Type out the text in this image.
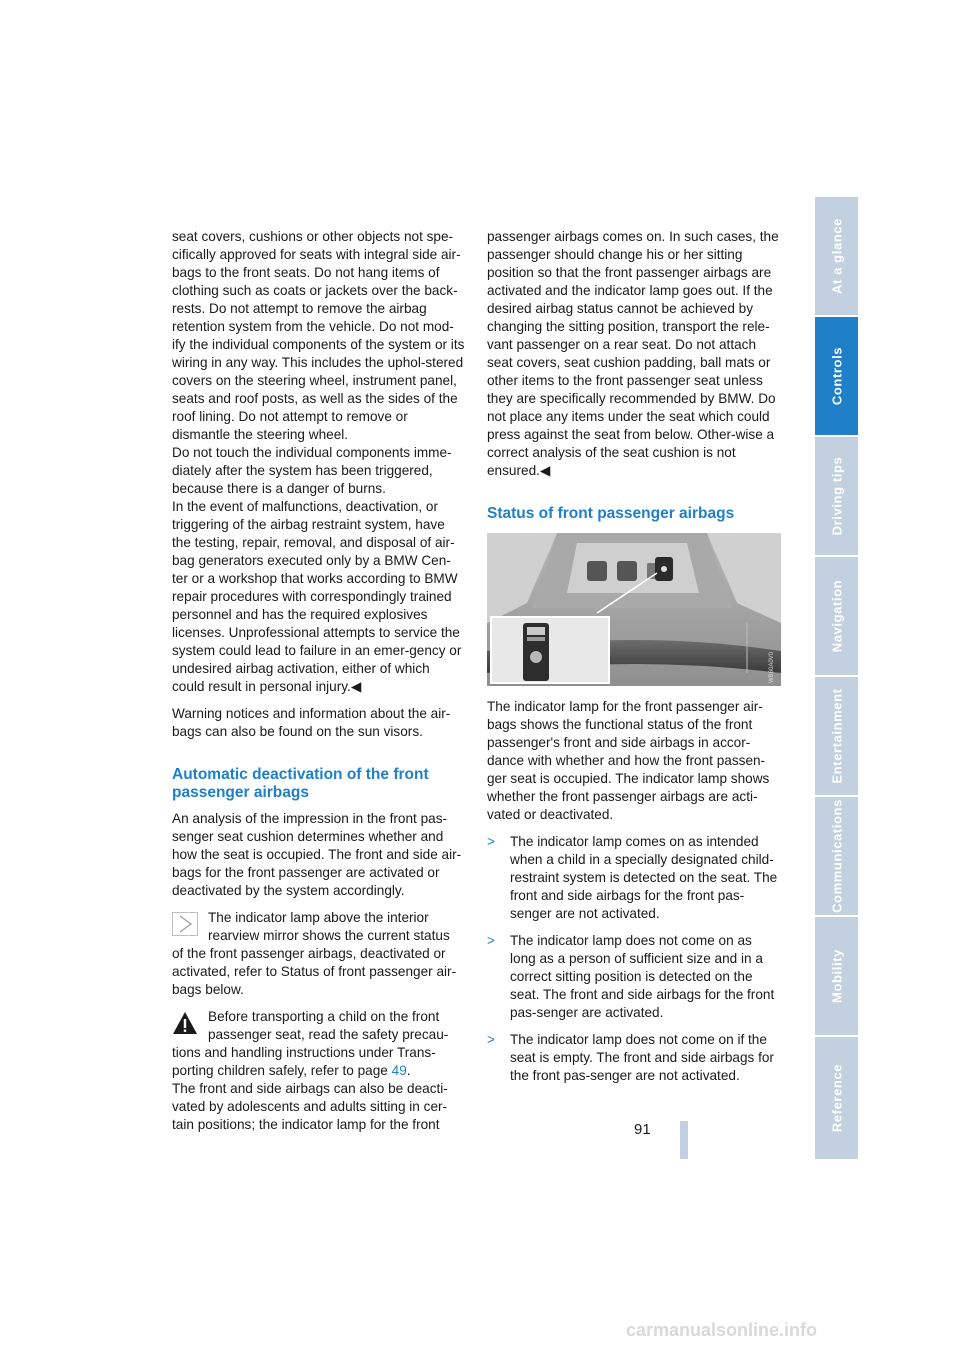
seat covers, cushions or other objects not spe-cifically approved for seats with integral side air-bags to the front seats. Do not hang items of clothing such as coats or jackets over the back-rests. Do not attempt to remove the airbag retention system from the vehicle. Do not mod-ify the individual components of the system or its wiring in any way. This includes the uphol-stered covers on the steering wheel, instrument panel, seats and roof posts, as well as the sides of the roof lining. Do not attempt to remove or dismantle the steering wheel.

Do not touch the individual components imme-diately after the system has been triggered, because there is a danger of burns.

In the event of malfunctions, deactivation, or triggering of the airbag restraint system, have the testing, repair, removal, and disposal of air-bag generators executed only by a BMW Cen-ter or a workshop that works according to BMW repair procedures with correspondingly trained personnel and has the required explosives licenses. Unprofessional attempts to service the system could lead to failure in an emer-gency or undesired airbag activation, either of which could result in personal injury.◀

Warning notices and information about the air-bags can also be found on the sun visors.

Automatic deactivation of the front passenger airbags

An analysis of the impression in the front pas-senger seat cushion determines whether and how the seat is occupied. The front and side air-bags for the front passenger are activated or deactivated by the system accordingly.

The indicator lamp above the interior rearview mirror shows the current status

of the front passenger airbags, deactivated or activated, refer to Status of front passenger air-bags below.

Before transporting a child on the front passenger seat, read the safety precau-

tions and handling instructions under Trans-porting children safely, refer to page 49.

The front and side airbags can also be deacti-vated by adolescents and adults sitting in cer-tain positions; the indicator lamp for the front

passenger airbags comes on. In such cases, the passenger should change his or her sitting position so that the front passenger airbags are activated and the indicator lamp goes out. If the desired airbag status cannot be achieved by changing the sitting position, transport the rele-vant passenger on a rear seat. Do not attach seat covers, seat cushion padding, ball mats or other items to the front passenger seat unless they are specifically recommended by BMW. Do not place any items under the seat which could press against the seat from below. Other-wise a correct analysis of the seat cushion is not ensured.◀

Status of front passenger airbags
WB60A0V0

The indicator lamp for the front passenger air-bags shows the functional status of the front passenger's front and side airbags in accor-dance with whether and how the front passen-ger seat is occupied. The indicator lamp shows whether the front passenger airbags are acti-vated or deactivated.

> The indicator lamp comes on as intended when a child in a specially designated child-restraint system is detected on the seat. The front and side airbags for the front pas-senger are not activated.

> The indicator lamp does not come on as long as a person of sufficient size and in a correct sitting position is detected on the seat. The front and side airbags for the front pas-senger are activated.

> The indicator lamp does not come on if the seat is empty. The front and side airbags for the front pas-senger are not activated.

At a glance
Controls
Driving tips
Navigation
Entertainment
Communications
Mobility
Reference
91
carmanualsonline.info
